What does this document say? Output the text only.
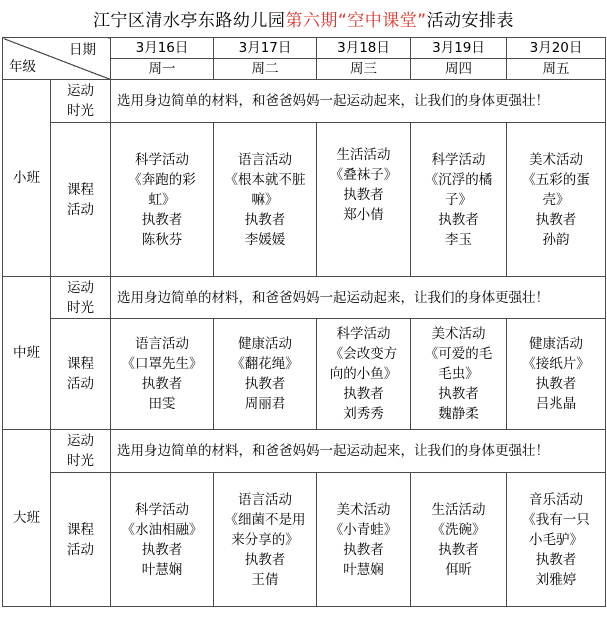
江宁区清水亭东路幼儿园第六期“空中课堂”活动安排表
日期
年级		3月16日	3月17日	3月18日	3月19日	3月20日
		周一	周二	周三	周四	周五
小班	运动
时光	选用身边简单的材料，和爸爸妈妈一起运动起来，让我们的身体更强壮！				

	课程
活动	科学活动
《奔跑的彩
虹》
执教者
陈秋芬	语言活动
《根本就不脏
嘛》
执教者
李媛媛	生活活动
《叠袜子》
执教者
郑小倩	科学活动
《沉浮的橘
子》
执教者
李玉	美术活动
《五彩的蛋
壳》
执教者
孙韵

中班	运动
时光	选用身边简单的材料，和爸爸妈妈一起运动起来，让我们的身体更强壮！				

	课程
活动	语言活动
《口罩先生》
执教者
田雯	健康活动
《翻花绳》
执教者
周丽君	科学活动
《会改变方
向的小鱼》
执教者
刘秀秀	美术活动
《可爱的毛
毛虫》
执教者
魏静柔	健康活动
《接纸片》
执教者
吕兆晶

大班	运动
时光	选用身边简单的材料，和爸爸妈妈一起运动起来，让我们的身体更强壮！				

	课程
活动	科学活动
《水油相融》
执教者
叶慧娴	语言活动
《细菌不是用
来分享的》
执教者
王倩	美术活动
《小青蛙》
执教者
叶慧娴	生活活动
《洗碗》
执教者
佴昕	音乐活动
《我有一只
小毛驴》
执教者
刘雅婷
